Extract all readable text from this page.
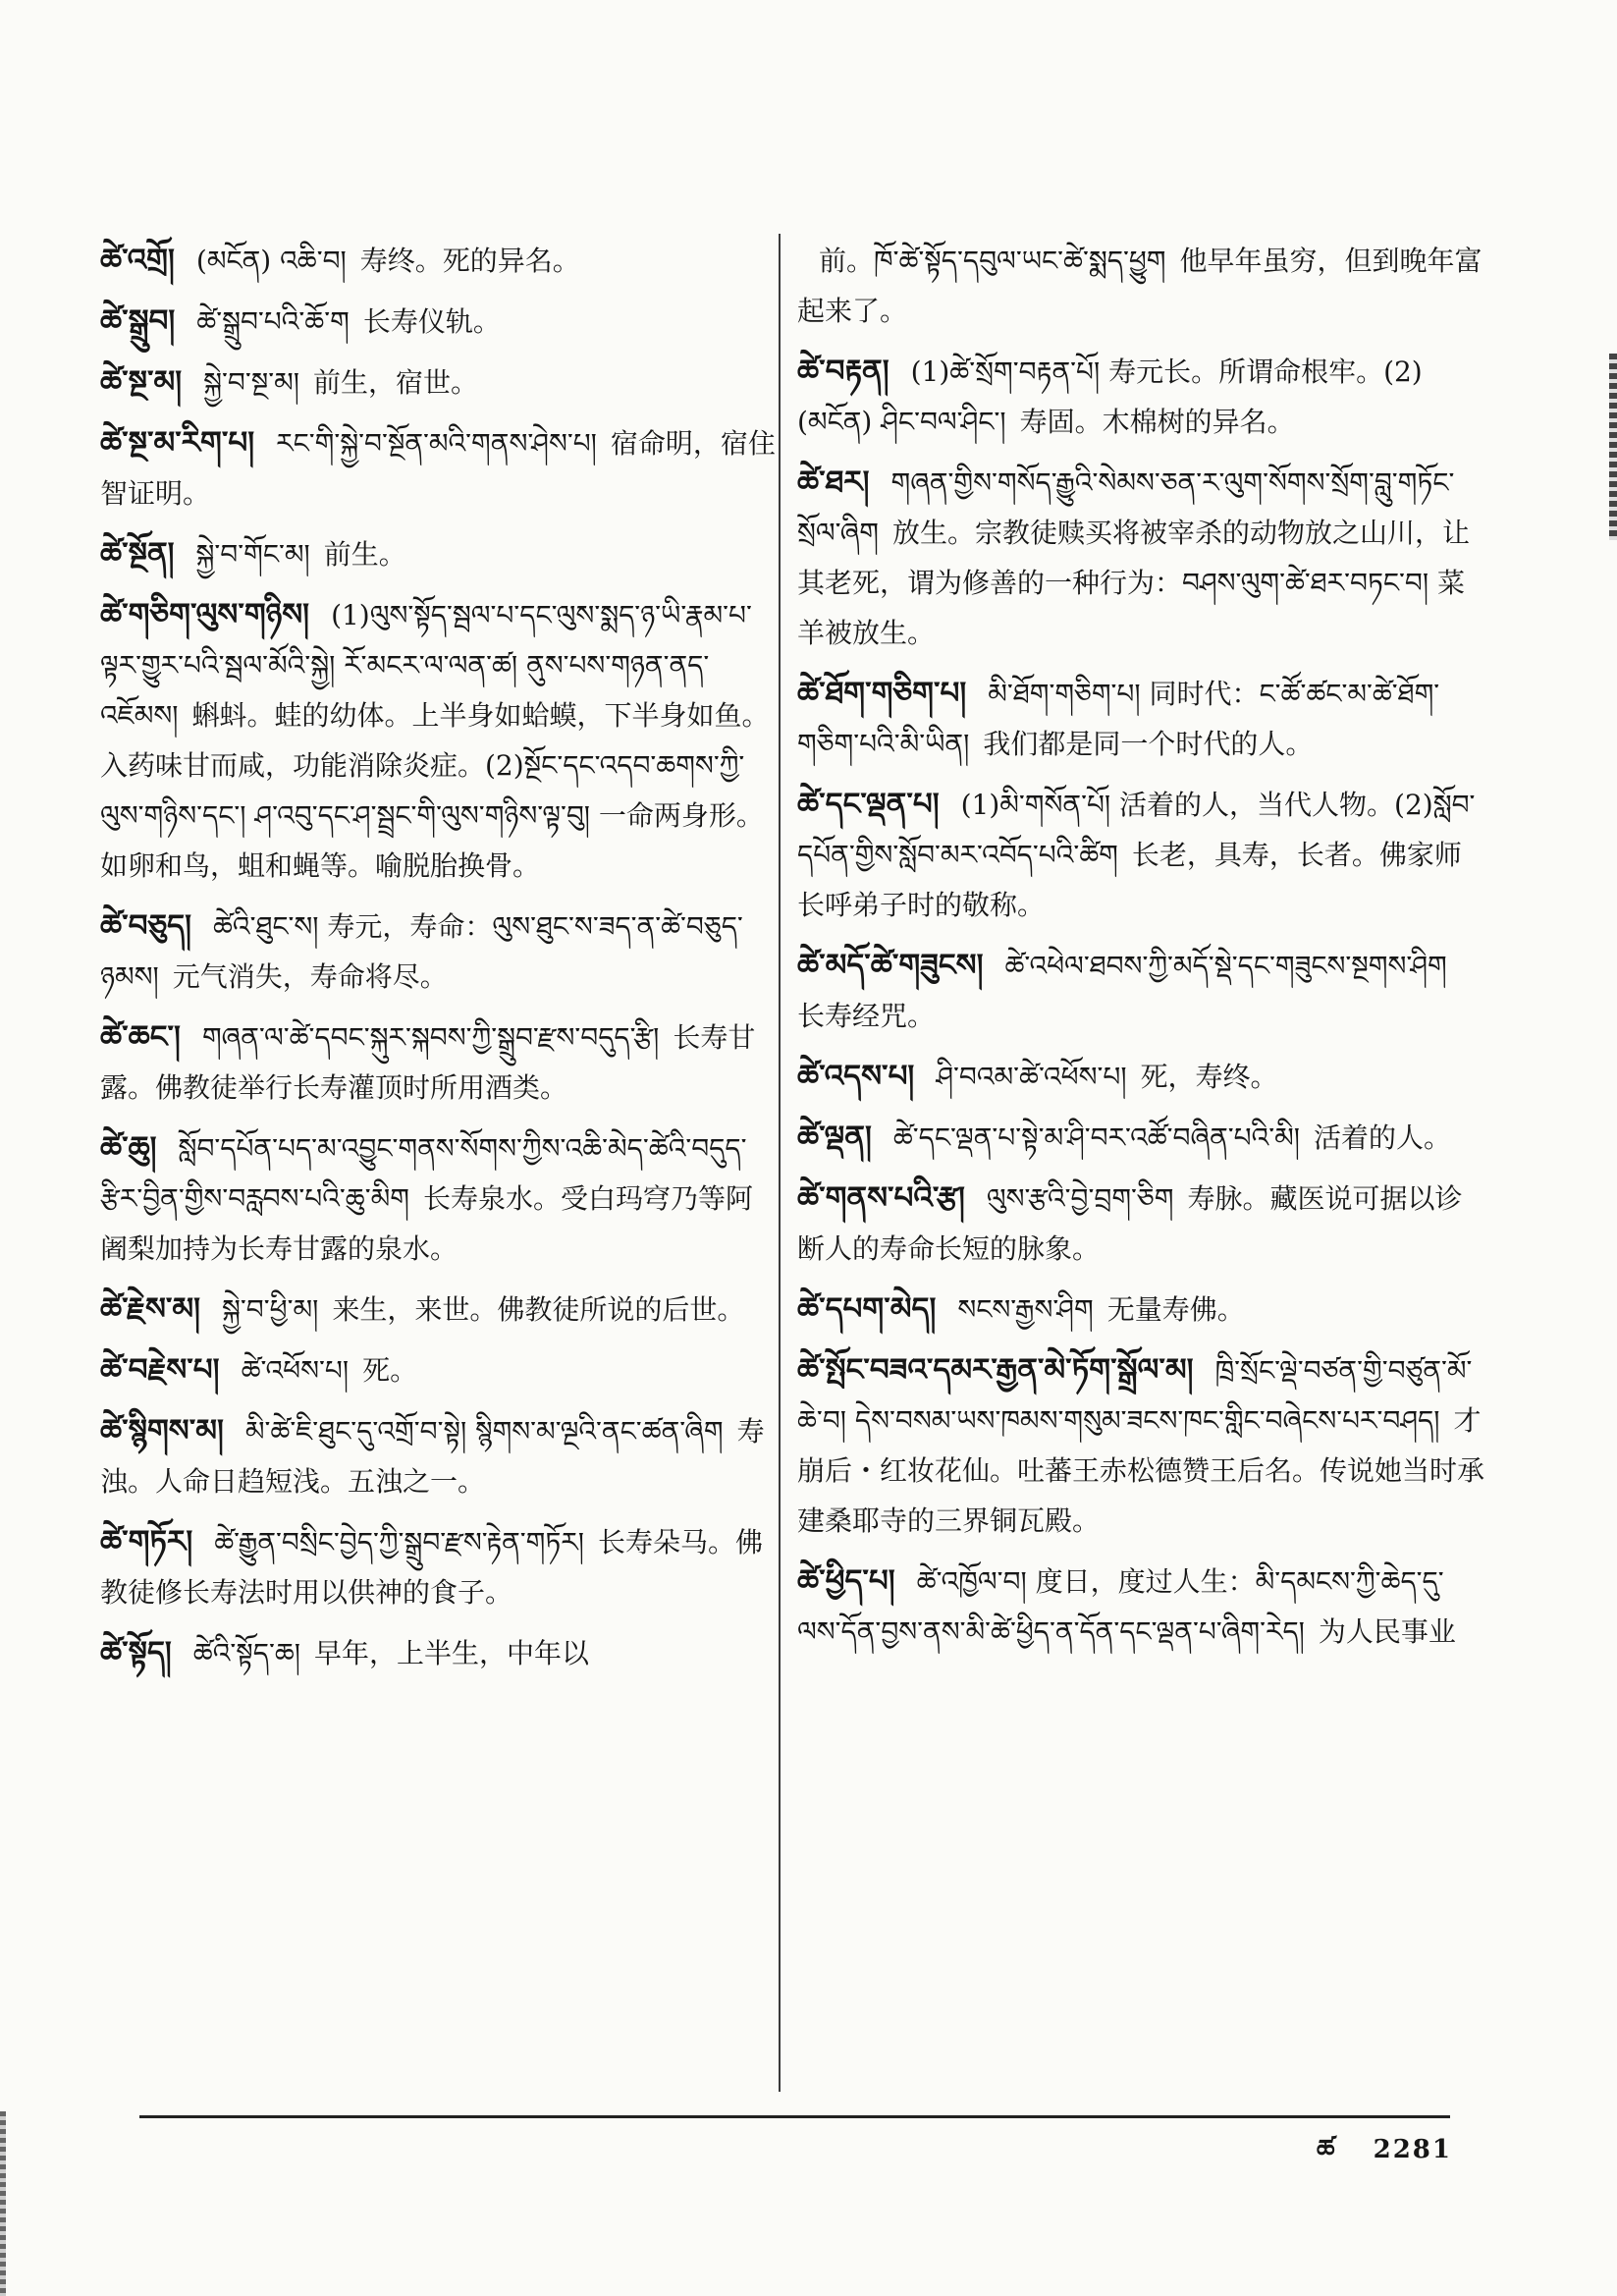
ཚེ་འགྲོ། (མངོན) འཆི་བ། 寿终。死的异名。
ཚེ་སྒྲུབ། ཚེ་སྒྲུབ་པའི་ཆོ་ག 长寿仪轨。
ཚེ་སྔ་མ། སྐྱེ་བ་སྔ་མ། 前生，宿世。
ཚེ་སྔ་མ་རིག་པ། རང་གི་སྐྱེ་བ་སྔོན་མའི་གནས་ཤེས་པ། 宿命明，宿住智证明。
ཚེ་སྔོན། སྐྱེ་བ་གོང་མ། 前生。
ཚེ་གཅིག་ལུས་གཉིས། (1)ལུས་སྟོད་སྦལ་པ་དང་ལུས་སྨད་ཉ་ཡི་རྣམ་པ་ལྟར་གྱུར་པའི་སྦལ་མོའི་སྐྱེ། རོ་མངར་ལ་ལན་ཚ། ནུས་པས་གཉན་ནད་འཇོམས། 蝌蚪。蛙的幼体。上半身如蛤蟆，下半身如鱼。入药味甘而咸，功能消除炎症。(2)སྔོང་དང་འདབ་ཆགས་ཀྱི་ལུས་གཉིས་དང་། ཤ་འབུ་དང་ཤ་སྦྲང་གི་ལུས་གཉིས་ལྟ་བུ། 一命两身形。如卵和鸟，蛆和蝇等。喻脱胎换骨。
ཚེ་བཅུད། ཚེའི་ཐུང་ས། 寿元，寿命：ལུས་ཐུང་ས་ཟད་ན་ཚེ་བཅུད་ཉམས། 元气消失，寿命将尽。
ཚེ་ཆང་། གཞན་ལ་ཚེ་དབང་སྐུར་སྐབས་ཀྱི་སྒྲུབ་རྫས་བདུད་རྩི། 长寿甘露。佛教徒举行长寿灌顶时所用酒类。
ཚེ་ཆུ། སློབ་དཔོན་པད་མ་འབྱུང་གནས་སོགས་ཀྱིས་འཆི་མེད་ཚེའི་བདུད་རྩིར་བྱིན་གྱིས་བརླབས་པའི་ཆུ་མིག 长寿泉水。受白玛穹乃等阿阇梨加持为长寿甘露的泉水。
ཚེ་རྗེས་མ། སྐྱེ་བ་ཕྱི་མ། 来生，来世。佛教徒所说的后世。
ཚེ་བརྗེས་པ། ཚེ་འཕོས་པ། 死。
ཚེ་སྙིགས་མ། མི་ཚེ་ཇི་ཐུང་དུ་འགྲོ་བ་སྟེ། སྙིགས་མ་ལྔའི་ནང་ཚན་ཞིག 寿浊。人命日趋短浅。五浊之一。
ཚེ་གཏོར། ཚེ་རྒྱུན་བསྲིང་བྱེད་ཀྱི་སྒྲུབ་རྫས་རྟེན་གཏོར། 长寿朵马。佛教徒修长寿法时用以供神的食子。
ཚེ་སྟོད། ཚེའི་སྟོད་ཆ། 早年，上半生，中年以
前。ཁོ་ཚེ་སྟོད་དབུལ་ཡང་ཚེ་སྨད་ཕྱུག 他早年虽穷，但到晚年富起来了。
ཚེ་བརྟན། (1)ཚེ་སྲོག་བརྟན་པོ། 寿元长。所谓命根牢。(2)(མངོན) ཤིང་བལ་ཤིང་། 寿固。木棉树的异名。
ཚེ་ཐར། གཞན་གྱིས་གསོད་རྒྱུའི་སེམས་ཅན་ར་ལུག་སོགས་སྲོག་བླུ་གཏོང་སྲོལ་ཞིག 放生。宗教徒赎买将被宰杀的动物放之山川，让其老死，谓为修善的一种行为：བཤས་ལུག་ཚེ་ཐར་བཏང་བ། 菜羊被放生。
ཚེ་ཐོག་གཅིག་པ། མི་ཐོག་གཅིག་པ། 同时代：ང་ཚོ་ཚང་མ་ཚེ་ཐོག་གཅིག་པའི་མི་ཡིན། 我们都是同一个时代的人。
ཚེ་དང་ལྡན་པ། (1)མི་གསོན་པོ། 活着的人，当代人物。(2)སློབ་དཔོན་གྱིས་སློབ་མར་འབོད་པའི་ཚིག 长老，具寿，长者。佛家师长呼弟子时的敬称。
ཚེ་མདོ་ཚེ་གཟུངས། ཚེ་འཕེལ་ཐབས་ཀྱི་མདོ་སྡེ་དང་གཟུངས་སྔགས་ཤིག长寿经咒。
ཚེ་འདས་པ། ཤི་བའམ་ཚེ་འཕོས་པ། 死，寿终。
ཚེ་ལྡན། ཚེ་དང་ལྡན་པ་སྟེ་མ་ཤི་བར་འཚོ་བཞིན་པའི་མི། 活着的人。
ཚེ་གནས་པའི་རྩ། ལུས་རྩའི་བྱེ་བྲག་ཅིག 寿脉。藏医说可据以诊断人的寿命长短的脉象。
ཚེ་དཔག་མེད། སངས་རྒྱས་ཤིག 无量寿佛。
ཚེ་སྤོང་བཟའ་དམར་རྒྱན་མེ་ཏོག་སྒྲོལ་མ། ཁྲི་སྲོང་ལྡེ་བཙན་གྱི་བཙུན་མོ་ཆེ་བ། དེས་བསམ་ཡས་ཁམས་གསུམ་ཟངས་ཁང་གླིང་བཞེངས་པར་བཤད། 才崩后・红妆花仙。吐蕃王赤松德赞王后名。传说她当时承建桑耶寺的三界铜瓦殿。
ཚེ་ཕྱིད་པ། ཚེ་འཁྱོལ་བ། 度日，度过人生：མི་དམངས་ཀྱི་ཆེད་དུ་ལས་དོན་བྱས་ནས་མི་ཚེ་ཕྱིད་ན་དོན་དང་ལྡན་པ་ཞིག་རེད། 为人民事业
ཚ 2281
